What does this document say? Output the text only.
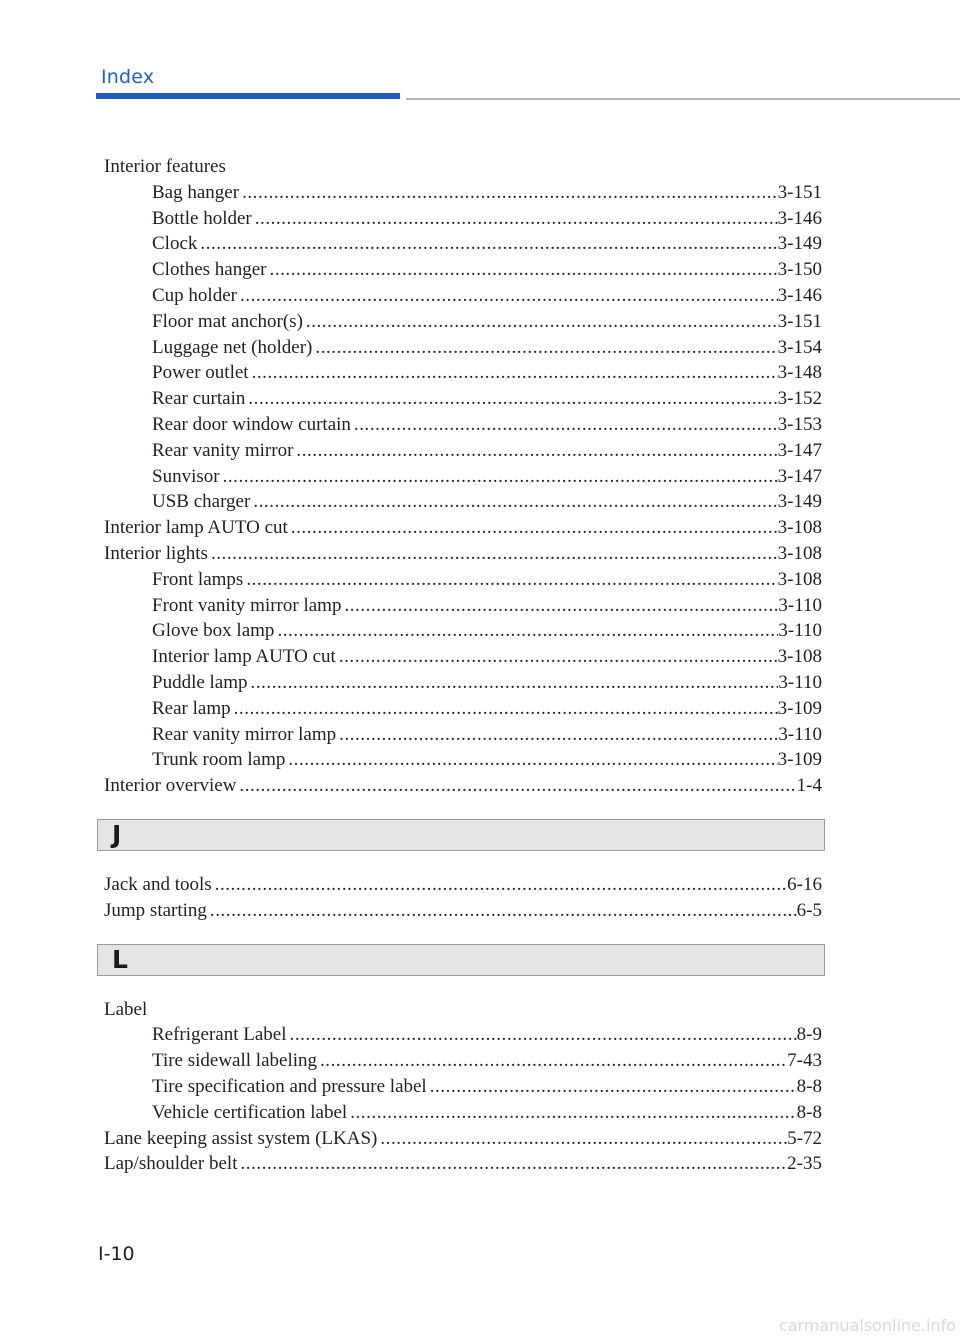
Index
Interior features
Bag hanger . . .	3-151
Bottle holder . . .	3-146
Clock . . .	3-149
Clothes hanger . . .	3-150
Cup holder . . .	3-146
Floor mat anchor(s) . . .	3-151
Luggage net (holder) . . .	3-154
Power outlet . . .	3-148
Rear curtain . . .	3-152
Rear door window curtain . . .	3-153
Rear vanity mirror . . .	3-147
Sunvisor . . .	3-147
USB charger . . .	3-149
Interior lamp AUTO cut . . .	3-108
Interior lights . . .	3-108
Front lamps . . .	3-108
Front vanity mirror lamp . . .	3-110
Glove box lamp . . .	3-110
Interior lamp AUTO cut . . .	3-108
Puddle lamp . . .	3-110
Rear lamp . . .	3-109
Rear vanity mirror lamp . . .	3-110
Trunk room lamp . . .	3-109
Interior overview . . .	1-4
J
Jack and tools . . .	6-16
Jump starting . . .	6-5
L
Label
Refrigerant Label . . .	8-9
Tire sidewall labeling . . .	7-43
Tire specification and pressure label . . .	8-8
Vehicle certification label . . .	8-8
Lane keeping assist system (LKAS) . . .	5-72
Lap/shoulder belt . . .	2-35
I-10
carmanualsonline.info
